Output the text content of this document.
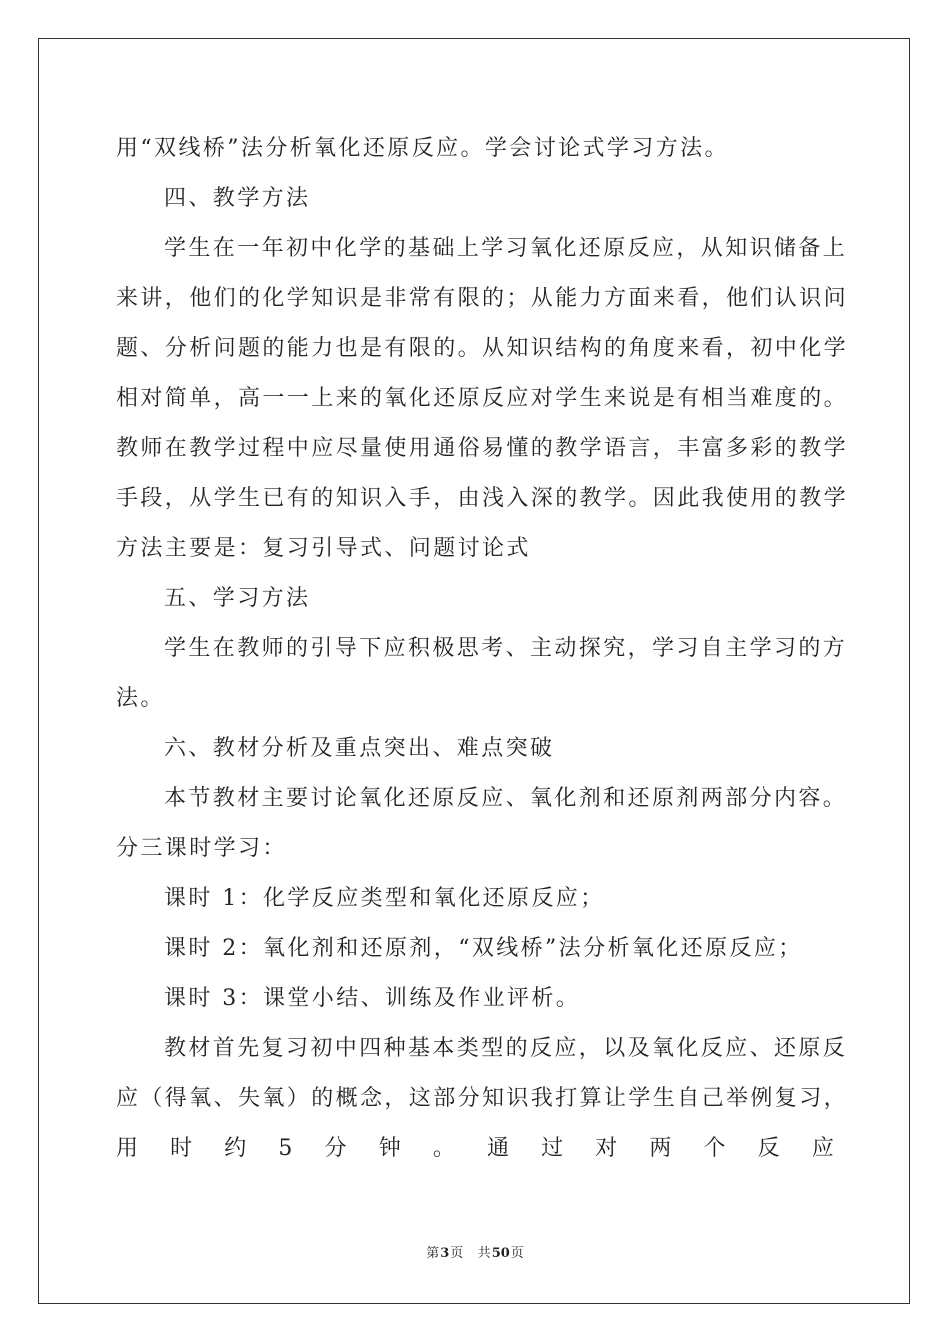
用“双线桥”法分析氧化还原反应。学会讨论式学习方法。
四、教学方法
学生在一年初中化学的基础上学习氧化还原反应，从知识储备上
来讲，他们的化学知识是非常有限的；从能力方面来看，他们认识问
题、分析问题的能力也是有限的。从知识结构的角度来看，初中化学
相对简单，高一一上来的氧化还原反应对学生来说是有相当难度的。
教师在教学过程中应尽量使用通俗易懂的教学语言，丰富多彩的教学
手段，从学生已有的知识入手，由浅入深的教学。因此我使用的教学
方法主要是：复习引导式、问题讨论式
五、学习方法
学生在教师的引导下应积极思考、主动探究，学习自主学习的方
法。
六、教材分析及重点突出、难点突破
本节教材主要讨论氧化还原反应、氧化剂和还原剂两部分内容。
分三课时学习：
课时 1：化学反应类型和氧化还原反应；
课时 2：氧化剂和还原剂，“双线桥”法分析氧化还原反应；
课时 3：课堂小结、训练及作业评析。
教材首先复习初中四种基本类型的反应，以及氧化反应、还原反
应（得氧、失氧）的概念，这部分知识我打算让学生自己举例复习，
用 时 约 5 分 钟 。 通 过 对 两 个 反 应
第3页 共50页
